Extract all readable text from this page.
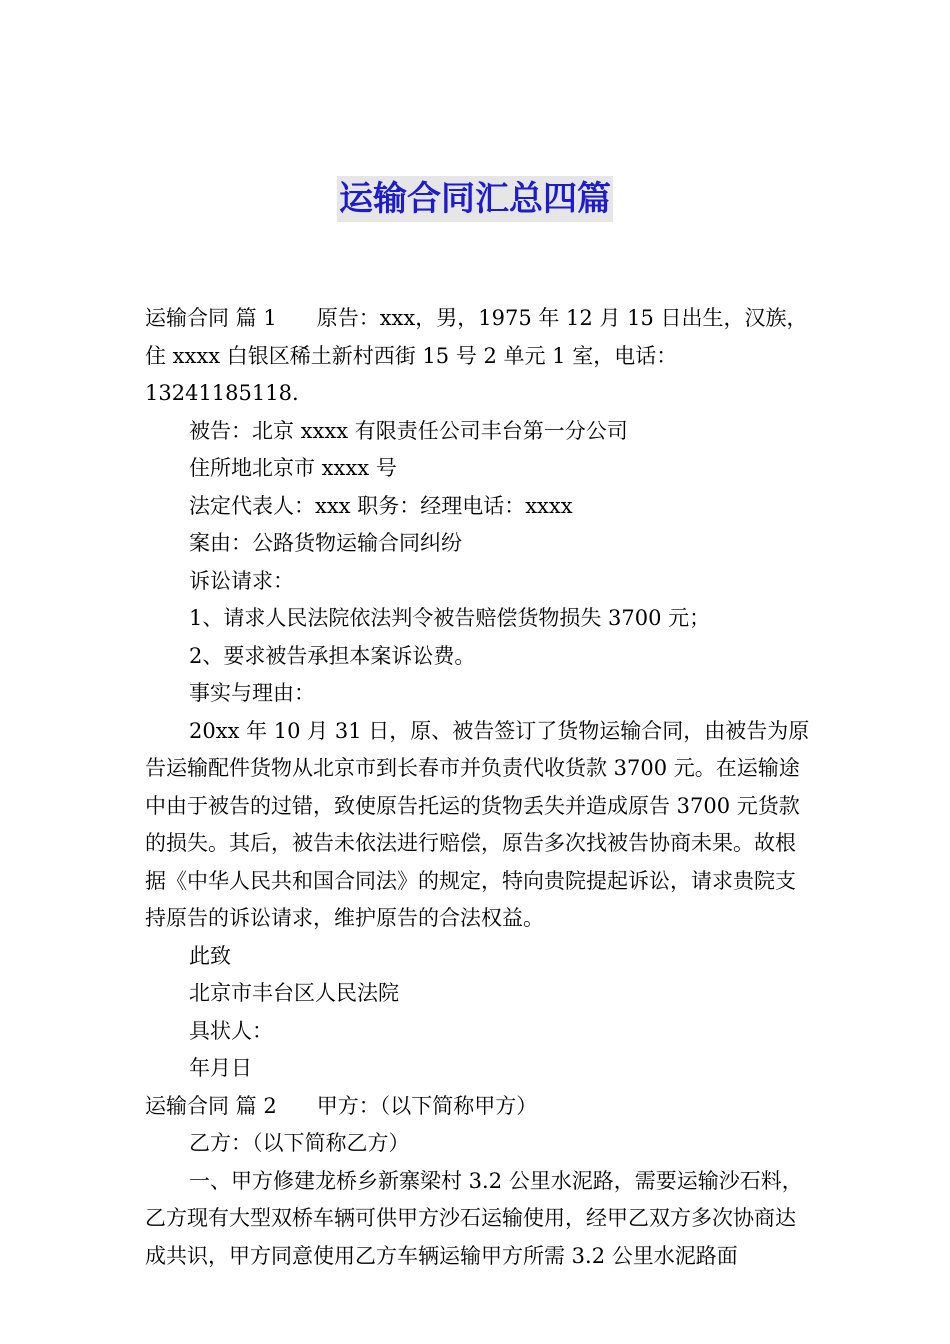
运输合同汇总四篇

运输合同 篇 1 原告：xxx，男，1975 年 12 月 15 日出生，汉族，住 xxxx 白银区稀土新村西街 15 号 2 单元 1 室，电话：13241185118.

被告：北京 xxxx 有限责任公司丰台第一分公司

住所地北京市 xxxx 号

法定代表人：xxx 职务：经理电话：xxxx

案由：公路货物运输合同纠纷

诉讼请求：

1、请求人民法院依法判令被告赔偿货物损失 3700 元；

2、要求被告承担本案诉讼费。

事实与理由：

20xx 年 10 月 31 日，原、被告签订了货物运输合同，由被告为原告运输配件货物从北京市到长春市并负责代收货款 3700 元。在运输途中由于被告的过错，致使原告托运的货物丢失并造成原告 3700 元货款的损失。其后，被告未依法进行赔偿，原告多次找被告协商未果。故根据《中华人民共和国合同法》的规定，特向贵院提起诉讼，请求贵院支持原告的诉讼请求，维护原告的合法权益。

此致

北京市丰台区人民法院

具状人：

年月日

运输合同 篇 2 甲方：（以下简称甲方）

乙方：（以下简称乙方）

一、甲方修建龙桥乡新寨梁村 3.2 公里水泥路，需要运输沙石料，乙方现有大型双桥车辆可供甲方沙石运输使用，经甲乙双方多次协商达成共识，甲方同意使用乙方车辆运输甲方所需 3.2 公里水泥路面
